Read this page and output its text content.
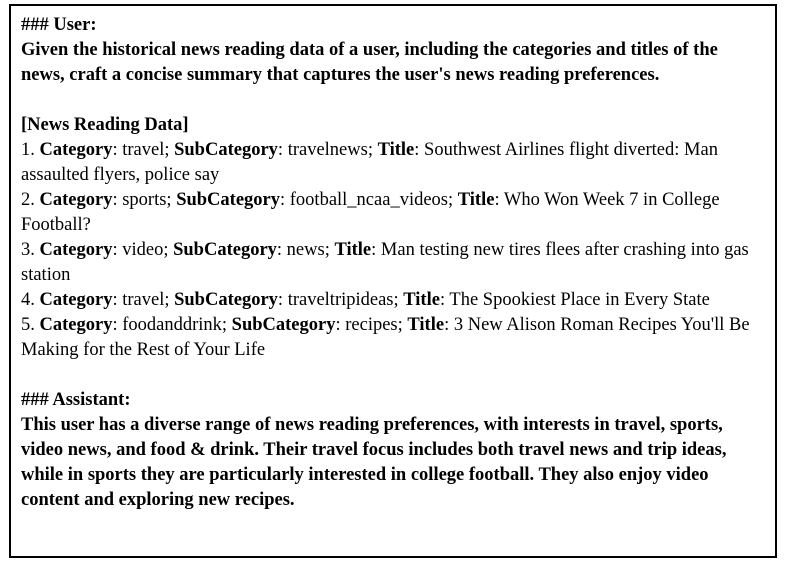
### User:

Given the historical news reading data of a user, including the categories and titles of the news, craft a concise summary that captures the user's news reading preferences.

[News Reading Data]

1. Category: travel; SubCategory: travelnews; Title: Southwest Airlines flight diverted: Man assaulted flyers, police say

2. Category: sports; SubCategory: football_ncaa_videos; Title: Who Won Week 7 in College Football?

3. Category: video; SubCategory: news; Title: Man testing new tires flees after crashing into gas station

4. Category: travel; SubCategory: traveltripideas; Title: The Spookiest Place in Every State

5. Category: foodanddrink; SubCategory: recipes; Title: 3 New Alison Roman Recipes You'll Be Making for the Rest of Your Life

### Assistant:

This user has a diverse range of news reading preferences, with interests in travel, sports, video news, and food & drink. Their travel focus includes both travel news and trip ideas, while in sports they are particularly interested in college football. They also enjoy video content and exploring new recipes.
